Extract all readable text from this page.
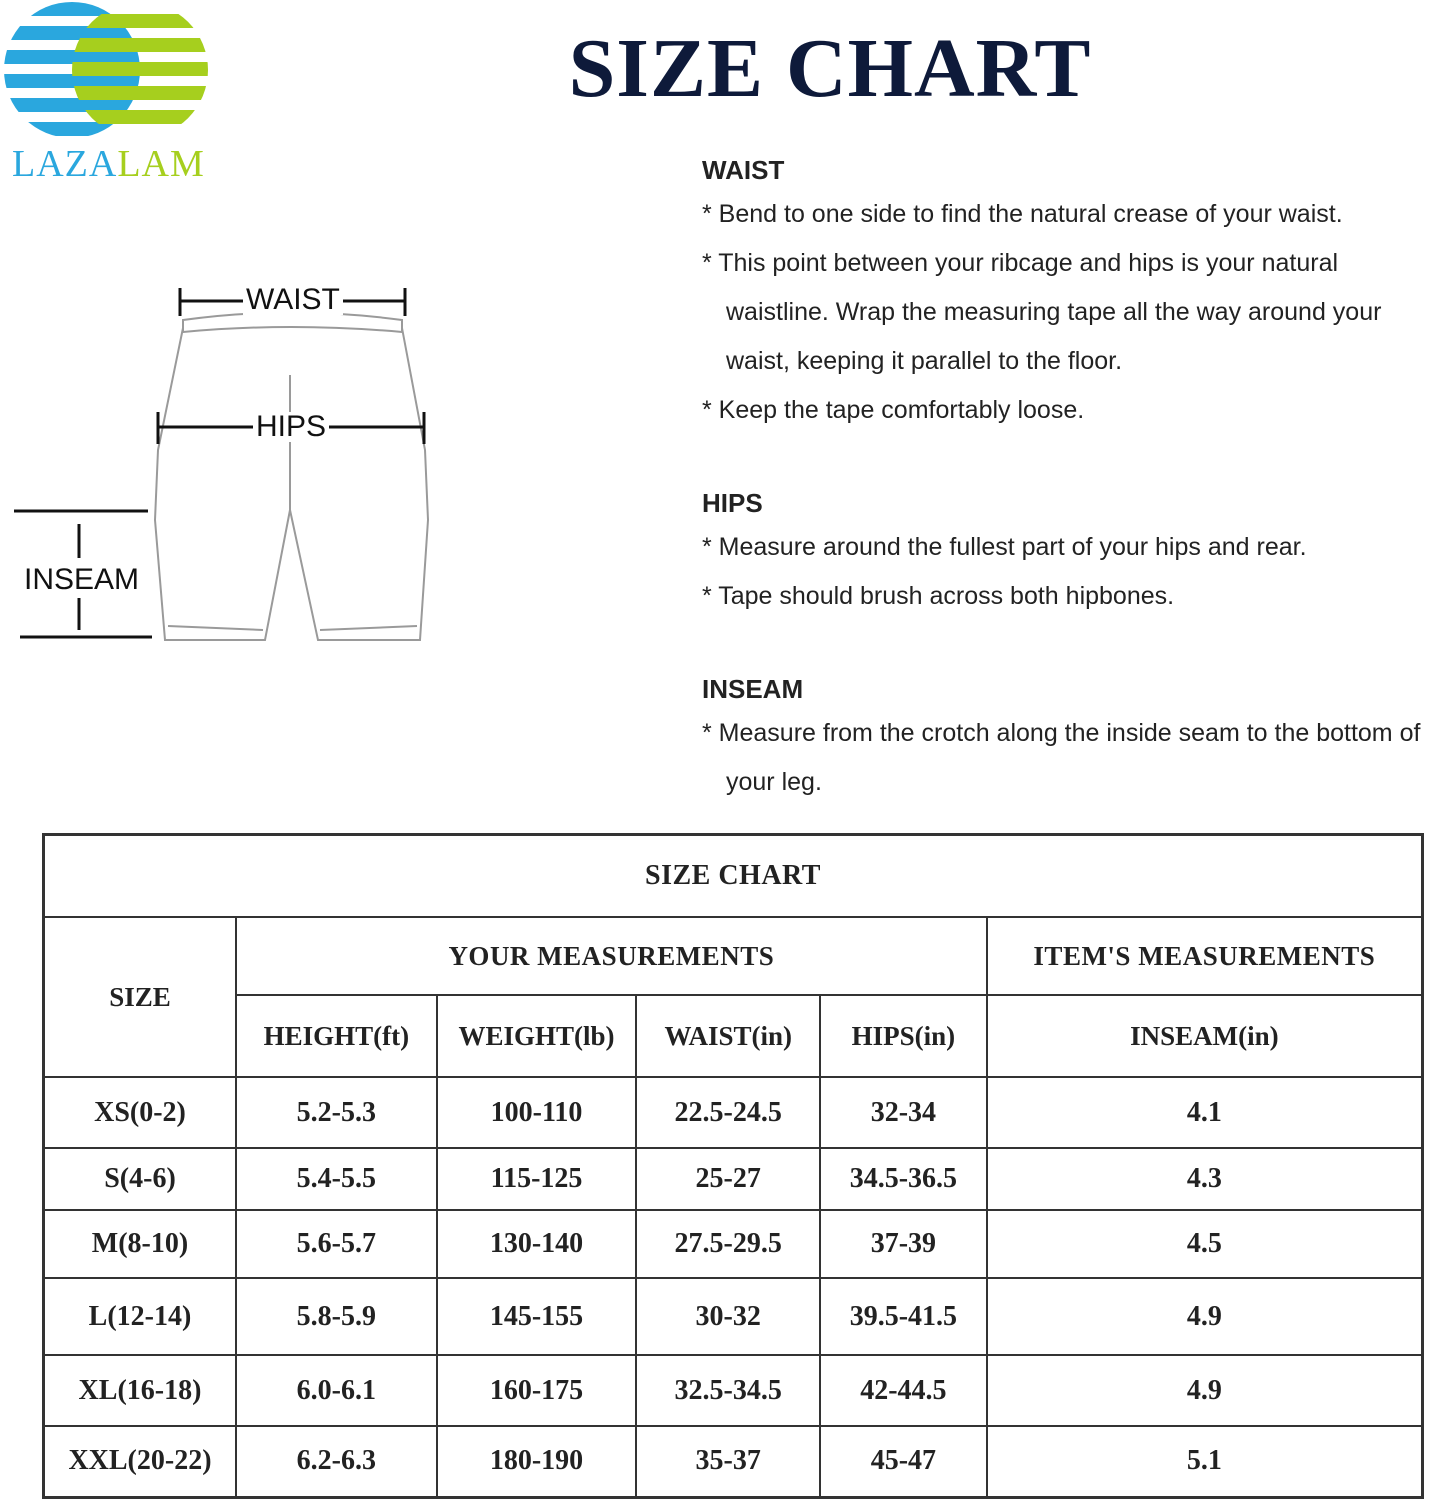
LAZALAM
SIZE CHART
WAIST
HIPS
INSEAM
WAIST
* Bend to one side to find the natural crease of your waist.
* This point between your ribcage and hips is your natural waistline. Wrap the measuring tape all the way around your waist, keeping it parallel to the floor.
* Keep the tape comfortably loose.
HIPS
* Measure around the fullest part of your hips and rear.
* Tape should brush across both hipbones.
INSEAM
* Measure from the crotch along the inside seam to the bottom of your leg.
SIZE CHART					
SIZE	YOUR MEASUREMENTS				ITEM'S MEASUREMENTS
	HEIGHT(ft)	WEIGHT(lb)	WAIST(in)	HIPS(in)	INSEAM(in)
XS(0-2)	5.2-5.3	100-110	22.5-24.5	32-34	4.1
S(4-6)	5.4-5.5	115-125	25-27	34.5-36.5	4.3
M(8-10)	5.6-5.7	130-140	27.5-29.5	37-39	4.5
L(12-14)	5.8-5.9	145-155	30-32	39.5-41.5	4.9
XL(16-18)	6.0-6.1	160-175	32.5-34.5	42-44.5	4.9
XXL(20-22)	6.2-6.3	180-190	35-37	45-47	5.1
